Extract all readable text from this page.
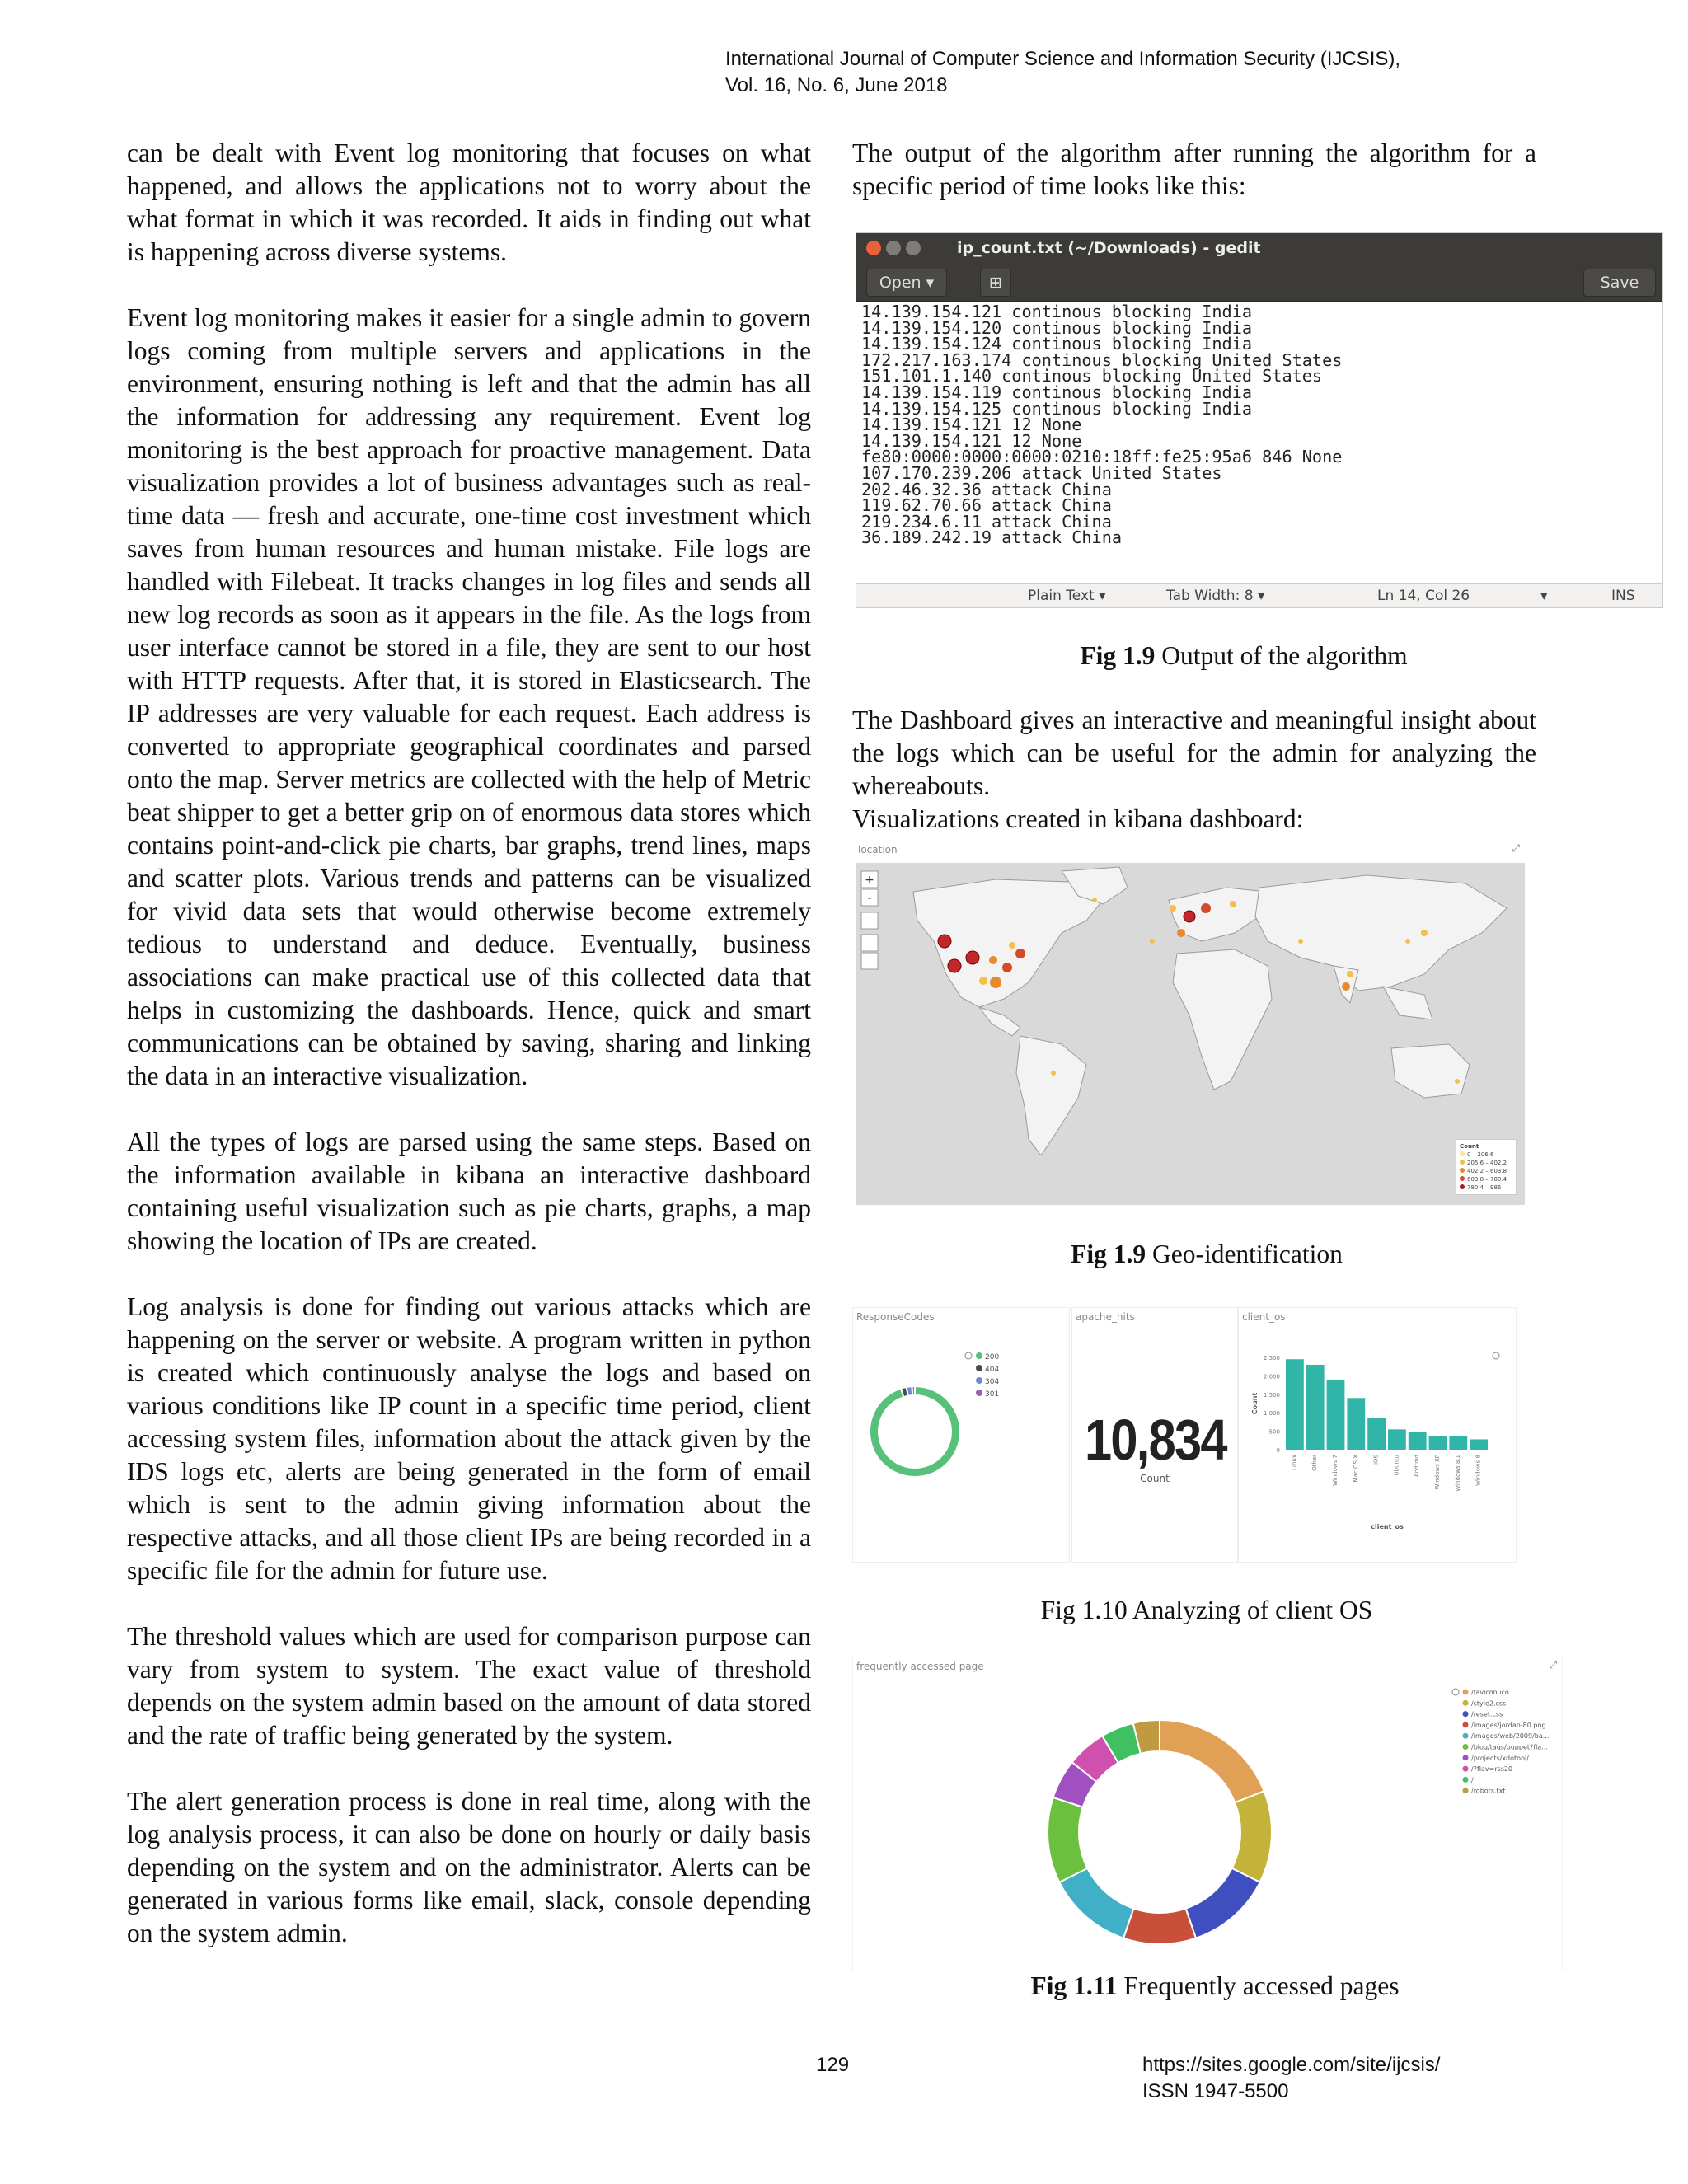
International Journal of Computer Science and Information Security (IJCSIS),
Vol. 16, No. 6, June 2018

can be dealt with Event log monitoring that focuses on what happened, and allows the applications not to worry about the what format in which it was recorded. It aids in finding out what is happening across diverse systems.

Event log monitoring makes it easier for a single admin to govern logs coming from multiple servers and applications in the environment, ensuring nothing is left and that the admin has all the information for addressing any requirement. Event log monitoring is the best approach for proactive management. Data visualization provides a lot of business advantages such as real-time data — fresh and accurate, one-time cost investment which saves from human resources and human mistake. File logs are handled with Filebeat. It tracks changes in log files and sends all new log records as soon as it appears in the file. As the logs from user interface cannot be stored in a file, they are sent to our host with HTTP requests. After that, it is stored in Elasticsearch. The IP addresses are very valuable for each request. Each address is converted to appropriate geographical coordinates and parsed onto the map. Server metrics are collected with the help of Metric beat shipper to get a better grip on of enormous data stores which contains point-and-click pie charts, bar graphs, trend lines, maps and scatter plots. Various trends and patterns can be visualized for vivid data sets that would otherwise become extremely tedious to understand and deduce. Eventually, business associations can make practical use of this collected data that helps in customizing the dashboards. Hence, quick and smart communications can be obtained by saving, sharing and linking the data in an interactive visualization.

All the types of logs are parsed using the same steps. Based on the information available in kibana an interactive dashboard containing useful visualization such as pie charts, graphs, a map showing the location of IPs are created.

Log analysis is done for finding out various attacks which are happening on the server or website. A program written in python is created which continuously analyse the logs and based on various conditions like IP count in a specific time period, client accessing system files, information about the attack given by the IDS logs etc, alerts are being generated in the form of email which is sent to the admin giving information about the respective attacks, and all those client IPs are being recorded in a specific file for the admin for future use.

The threshold values which are used for comparison purpose can vary from system to system. The exact value of threshold depends on the system admin based on the amount of data stored and the rate of traffic being generated by the system.

The alert generation process is done in real time, along with the log analysis process, it can also be done on hourly or daily basis depending on the system and on the administrator. Alerts can be generated in various forms like email, slack, console depending on the system admin.

The output of the algorithm after running the algorithm for a specific period of time looks like this:
ip_count.txt (~/Downloads) - gedit
Open ▾	⊞	Save
14.139.154.121 continous blocking India
14.139.154.120 continous blocking India
14.139.154.124 continous blocking India
172.217.163.174 continous blocking United States
151.101.1.140 continous blocking United States
14.139.154.119 continous blocking India
14.139.154.125 continous blocking India
14.139.154.121 12 None
14.139.154.121 12 None
fe80:0000:0000:0000:0210:18ff:fe25:95a6 846 None
107.170.239.206 attack United States
202.46.32.36 attack China
119.62.70.66 attack China
219.234.6.11 attack China
36.189.242.19 attack China
Plain Text ▾	Tab Width: 8 ▾	Ln 14, Col 26	▾	INS
Fig 1.9 Output of the algorithm
The Dashboard gives an interactive and meaningful insight about the logs which can be useful for the admin for analyzing the whereabouts.
Visualizations created in kibana dashboard:
location	⤢
+
-
Count
0 – 206.6
205.6 – 402.2
402.2 – 603.8
603.8 – 780.4
780.4 – 986
Fig 1.9 Geo-identification
ResponseCodes
200
404
304
301
apache_hits
10,834
Count
client_os
2,500
2,000
1,500
1,000
500
0
Count
Linux Other Windows 7 Mac OS X iOS Ubuntu Android Windows XP Windows 8.1 Windows 8
client_os
Fig 1.10 Analyzing of client OS
frequently accessed page	⤢
/favicon.ico
/style2.css
/reset.css
/images/jordan-80.png
/images/web/2009/ba...
/blog/tags/puppet?fla...
/projects/xdotool/
/?flav=rss20
/
/robots.txt
Fig 1.11 Frequently accessed pages
129	https://sites.google.com/site/ijcsis/
ISSN 1947-5500
